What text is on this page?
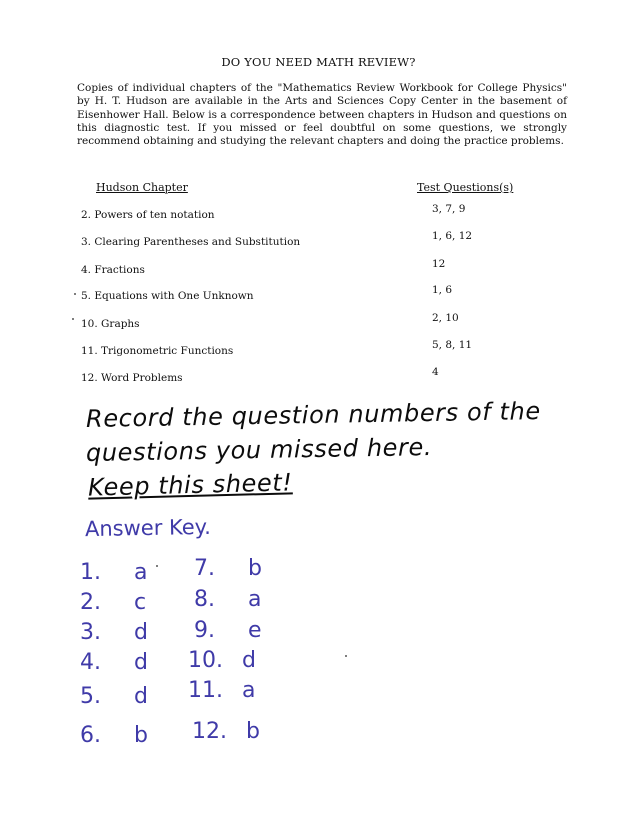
DO YOU NEED MATH REVIEW?
Copies of individual chapters of the "Mathematics Review Workbook for College Physics" by H. T. Hudson are available in the Arts and Sciences Copy Center in the basement of Eisenhower Hall. Below is a correspondence between chapters in Hudson and questions on this diagnostic test. If you missed or feel doubtful on some questions, we strongly recommend obtaining and studying the relevant chapters and doing the practice problems.
Hudson Chapter	Test Questions(s)
2. Powers of ten notation	3, 7, 9
3. Clearing Parentheses and Substitution	1, 6, 12
4. Fractions	12
5. Equations with One Unknown	1, 6
10. Graphs	2, 10
11. Trigonometric Functions	5, 8, 11
12. Word Problems	4
Record the question numbers of the
questions you missed here.
Keep this sheet!
Answer Key.
1. a
2. c
3. d
4. d
5. d
6. b
7. b
8. a
9. e
10. d
11. a
12. b
